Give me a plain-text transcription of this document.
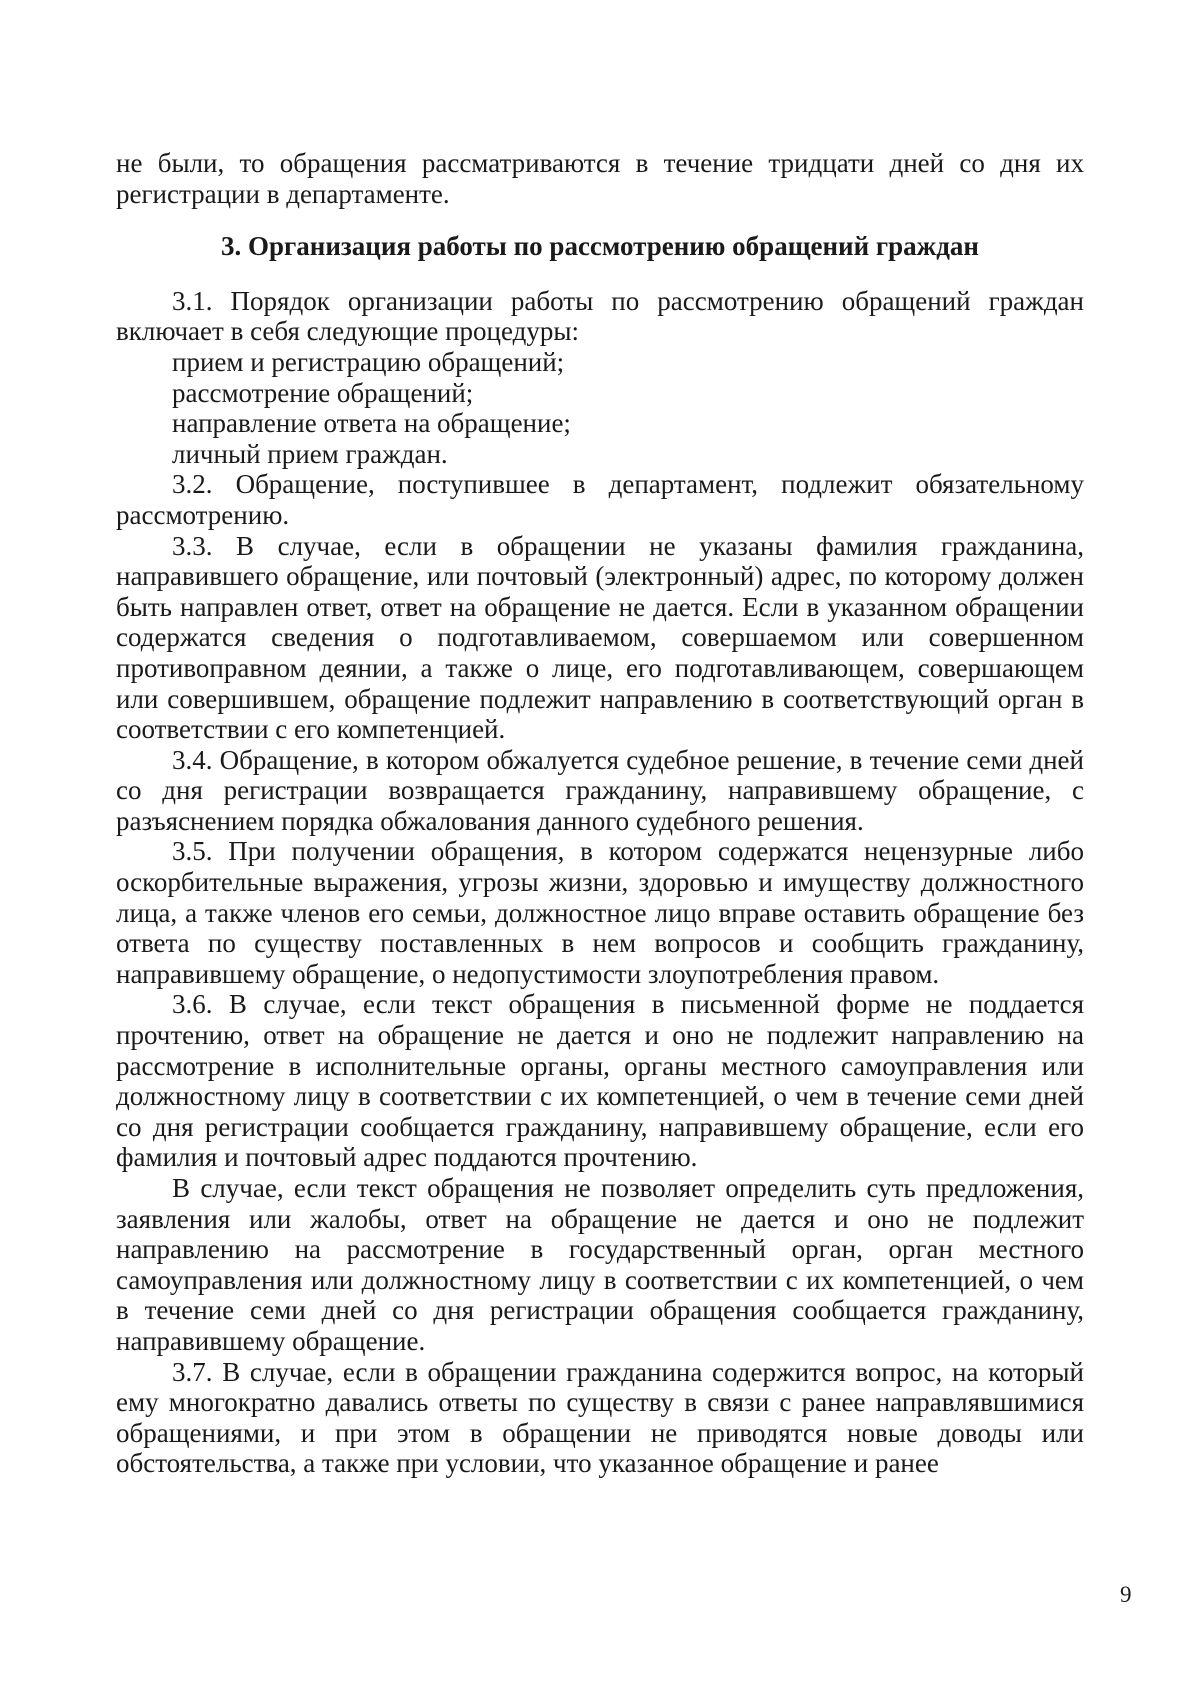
не были, то обращения рассматриваются в течение тридцати дней со дня их регистрации в департаменте.

3. Организация работы по рассмотрению обращений граждан

3.1. Порядок организации работы по рассмотрению обращений граждан включает в себя следующие процедуры:

прием и регистрацию обращений;

рассмотрение обращений;

направление ответа на обращение;

личный прием граждан.

3.2. Обращение, поступившее в департамент, подлежит обязательному рассмотрению.

3.3. В случае, если в обращении не указаны фамилия гражданина, направившего обращение, или почтовый (электронный) адрес, по которому должен быть направлен ответ, ответ на обращение не дается. Если в указанном обращении содержатся сведения о подготавливаемом, совершаемом или совершенном противоправном деянии, а также о лице, его подготавливающем, совершающем или совершившем, обращение подлежит направлению в соответствующий орган в соответствии с его компетенцией.

3.4. Обращение, в котором обжалуется судебное решение, в течение семи дней со дня регистрации возвращается гражданину, направившему обращение, с разъяснением порядка обжалования данного судебного решения.

3.5. При получении обращения, в котором содержатся нецензурные либо оскорбительные выражения, угрозы жизни, здоровью и имуществу должностного лица, а также членов его семьи, должностное лицо вправе оставить обращение без ответа по существу поставленных в нем вопросов и сообщить гражданину, направившему обращение, о недопустимости злоупотребления правом.

3.6. В случае, если текст обращения в письменной форме не поддается прочтению, ответ на обращение не дается и оно не подлежит направлению на рассмотрение в исполнительные органы, органы местного самоуправления или должностному лицу в соответствии с их компетенцией, о чем в течение семи дней со дня регистрации сообщается гражданину, направившему обращение, если его фамилия и почтовый адрес поддаются прочтению.

В случае, если текст обращения не позволяет определить суть предложения, заявления или жалобы, ответ на обращение не дается и оно не подлежит направлению на рассмотрение в государственный орган, орган местного самоуправления или должностному лицу в соответствии с их компетенцией, о чем в течение семи дней со дня регистрации обращения сообщается гражданину, направившему обращение.

3.7. В случае, если в обращении гражданина содержится вопрос, на который ему многократно давались ответы по существу в связи с ранее направлявшимися обращениями, и при этом в обращении не приводятся новые доводы или обстоятельства, а также при условии, что указанное обращение и ранее

9
